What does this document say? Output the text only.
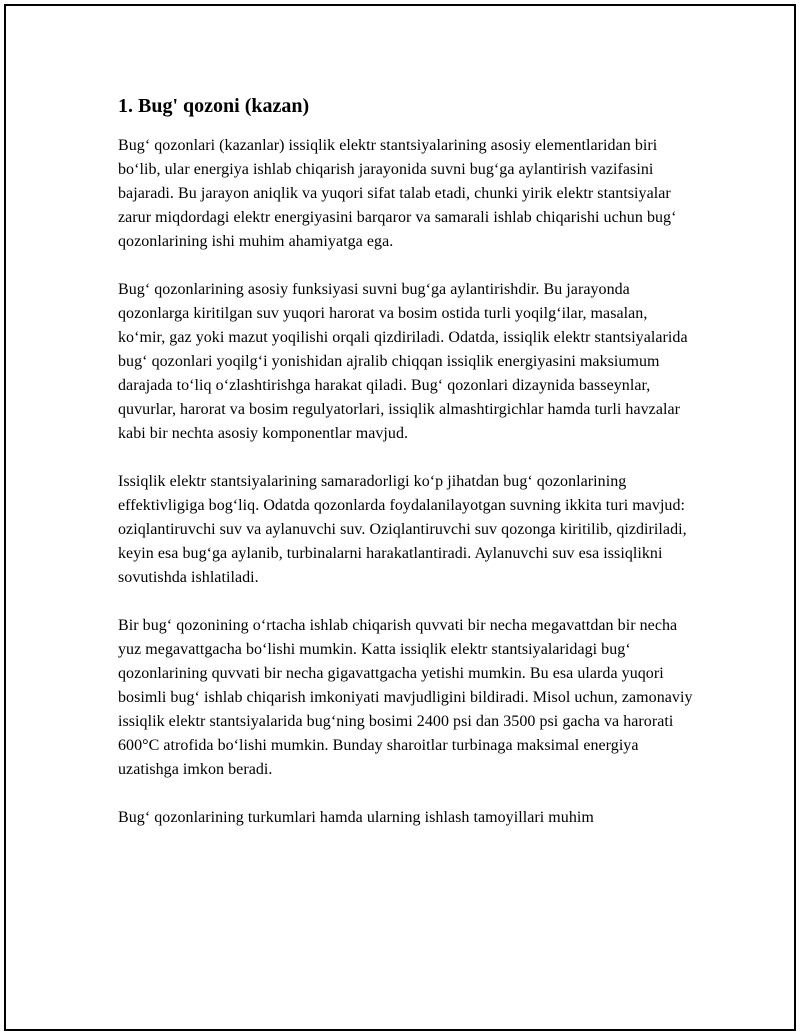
1. Bug' qozoni (kazan)

Bug‘ qozonlari (kazanlar) issiqlik elektr stantsiyalarining asosiy elementlaridan biri bo‘lib, ular energiya ishlab chiqarish jarayonida suvni bug‘ga aylantirish vazifasini bajaradi. Bu jarayon aniqlik va yuqori sifat talab etadi, chunki yirik elektr stantsiyalar zarur miqdordagi elektr energiyasini barqaror va samarali ishlab chiqarishi uchun bug‘ qozonlarining ishi muhim ahamiyatga ega.

Bug‘ qozonlarining asosiy funksiyasi suvni bug‘ga aylantirishdir. Bu jarayonda qozonlarga kiritilgan suv yuqori harorat va bosim ostida turli yoqilg‘ilar, masalan, ko‘mir, gaz yoki mazut yoqilishi orqali qizdiriladi. Odatda, issiqlik elektr stantsiyalarida bug‘ qozonlari yoqilg‘i yonishidan ajralib chiqqan issiqlik energiyasini maksiumum darajada to‘liq o‘zlashtirishga harakat qiladi. Bug‘ qozonlari dizaynida basseynlar, quvurlar, harorat va bosim regulyatorlari, issiqlik almashtirgichlar hamda turli havzalar kabi bir nechta asosiy komponentlar mavjud.

Issiqlik elektr stantsiyalarining samaradorligi ko‘p jihatdan bug‘ qozonlarining effektivligiga bog‘liq. Odatda qozonlarda foydalanilayotgan suvning ikkita turi mavjud: oziqlantiruvchi suv va aylanuvchi suv. Oziqlantiruvchi suv qozonga kiritilib, qizdiriladi, keyin esa bug‘ga aylanib, turbinalarni harakatlantiradi. Aylanuvchi suv esa issiqlikni sovutishda ishlatiladi.

Bir bug‘ qozonining o‘rtacha ishlab chiqarish quvvati bir necha megavattdan bir necha yuz megavattgacha bo‘lishi mumkin. Katta issiqlik elektr stantsiyalaridagi bug‘ qozonlarining quvvati bir necha gigavattgacha yetishi mumkin. Bu esa ularda yuqori bosimli bug‘ ishlab chiqarish imkoniyati mavjudligini bildiradi. Misol uchun, zamonaviy issiqlik elektr stantsiyalarida bug‘ning bosimi 2400 psi dan 3500 psi gacha va harorati 600°C atrofida bo‘lishi mumkin. Bunday sharoitlar turbinaga maksimal energiya uzatishga imkon beradi.

Bug‘ qozonlarining turkumlari hamda ularning ishlash tamoyillari muhim
